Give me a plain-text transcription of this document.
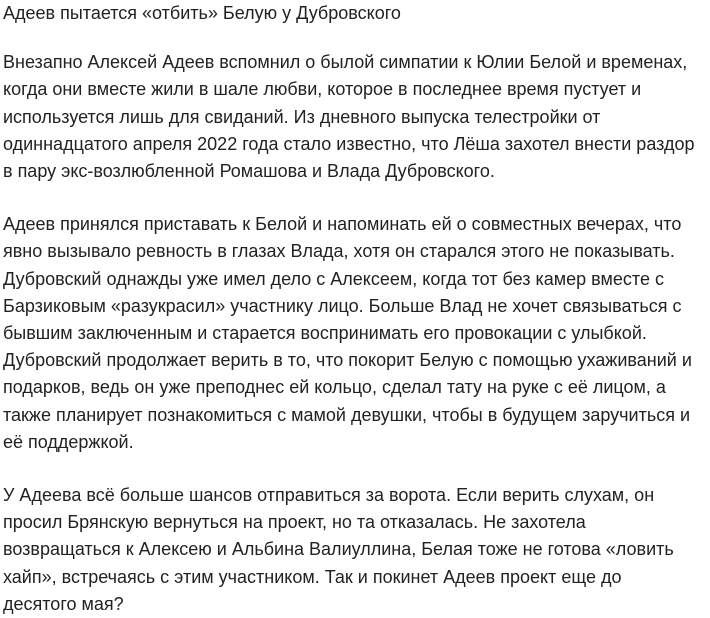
Адеев пытается «отбить» Белую у Дубровского

Внезапно Алексей Адеев вспомнил о былой симпатии к Юлии Белой и временах,
когда они вместе жили в шале любви, которое в последнее время пустует и
используется лишь для свиданий. Из дневного выпуска телестройки от
одиннадцатого апреля 2022 года стало известно, что Лёша захотел внести раздор
в пару экс-возлюбленной Ромашова и Влада Дубровского.

Адеев принялся приставать к Белой и напоминать ей о совместных вечерах, что
явно вызывало ревность в глазах Влада, хотя он старался этого не показывать.
Дубровский однажды уже имел дело с Алексеем, когда тот без камер вместе с
Барзиковым «разукрасил» участнику лицо. Больше Влад не хочет связываться с
бывшим заключенным и старается воспринимать его провокации с улыбкой.
Дубровский продолжает верить в то, что покорит Белую с помощью ухаживаний и
подарков, ведь он уже преподнес ей кольцо, сделал тату на руке с её лицом, а
также планирует познакомиться с мамой девушки, чтобы в будущем заручиться и
её поддержкой.

У Адеева всё больше шансов отправиться за ворота. Если верить слухам, он
просил Брянскую вернуться на проект, но та отказалась. Не захотела
возвращаться к Алексею и Альбина Валиуллина, Белая тоже не готова «ловить
хайп», встречаясь с этим участником. Так и покинет Адеев проект еще до
десятого мая?
